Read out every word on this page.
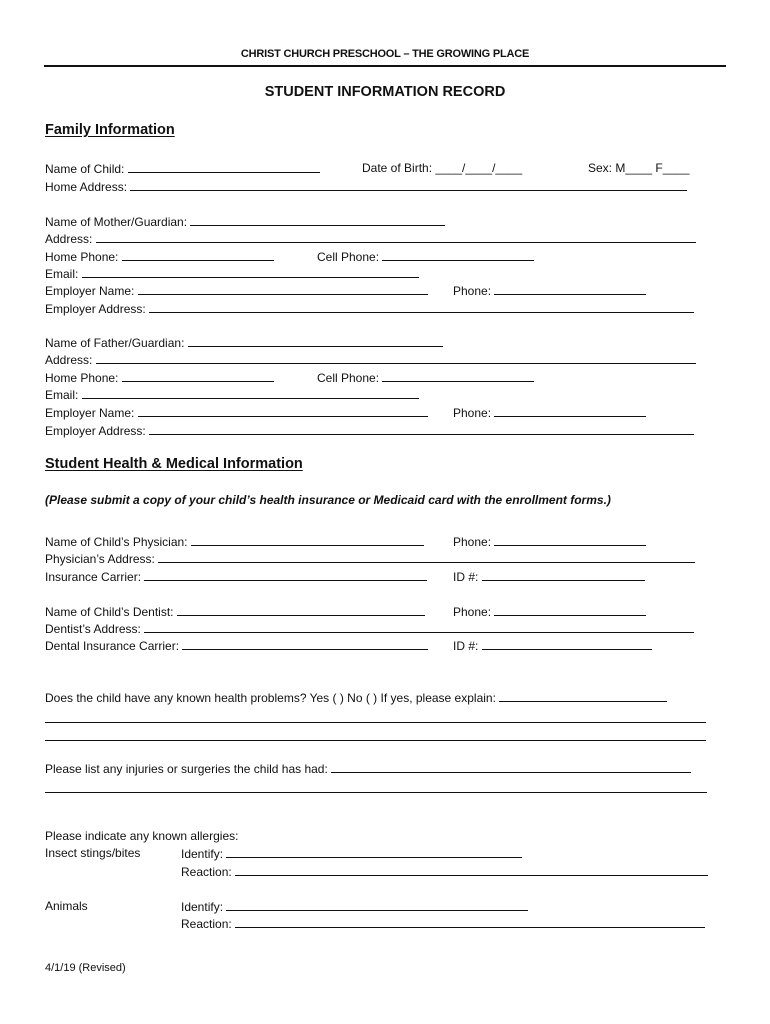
CHRIST CHURCH PRESCHOOL – THE GROWING PLACE
STUDENT INFORMATION RECORD
Family Information
Name of Child:	Date of Birth: ____/____/____	Sex: M____ F____
Home Address:
Name of Mother/Guardian:
Address:
Home Phone:	Cell Phone:
Email:
Employer Name:	Phone:
Employer Address:
Name of Father/Guardian:
Address:
Home Phone:	Cell Phone:
Email:
Employer Name:	Phone:
Employer Address:
Student Health & Medical Information
(Please submit a copy of your child’s health insurance or Medicaid card with the enrollment forms.)
Name of Child’s Physician:	Phone:
Physician’s Address:
Insurance Carrier:	ID #:
Name of Child’s Dentist:	Phone:
Dentist’s Address:
Dental Insurance Carrier:	ID #:
Does the child have any known health problems? Yes ( ) No ( ) If yes, please explain:
Please list any injuries or surgeries the child has had:
Please indicate any known allergies:
Insect stings/bites	Identify:
Reaction:
Animals	Identify:
Reaction:
4/1/19 (Revised)
